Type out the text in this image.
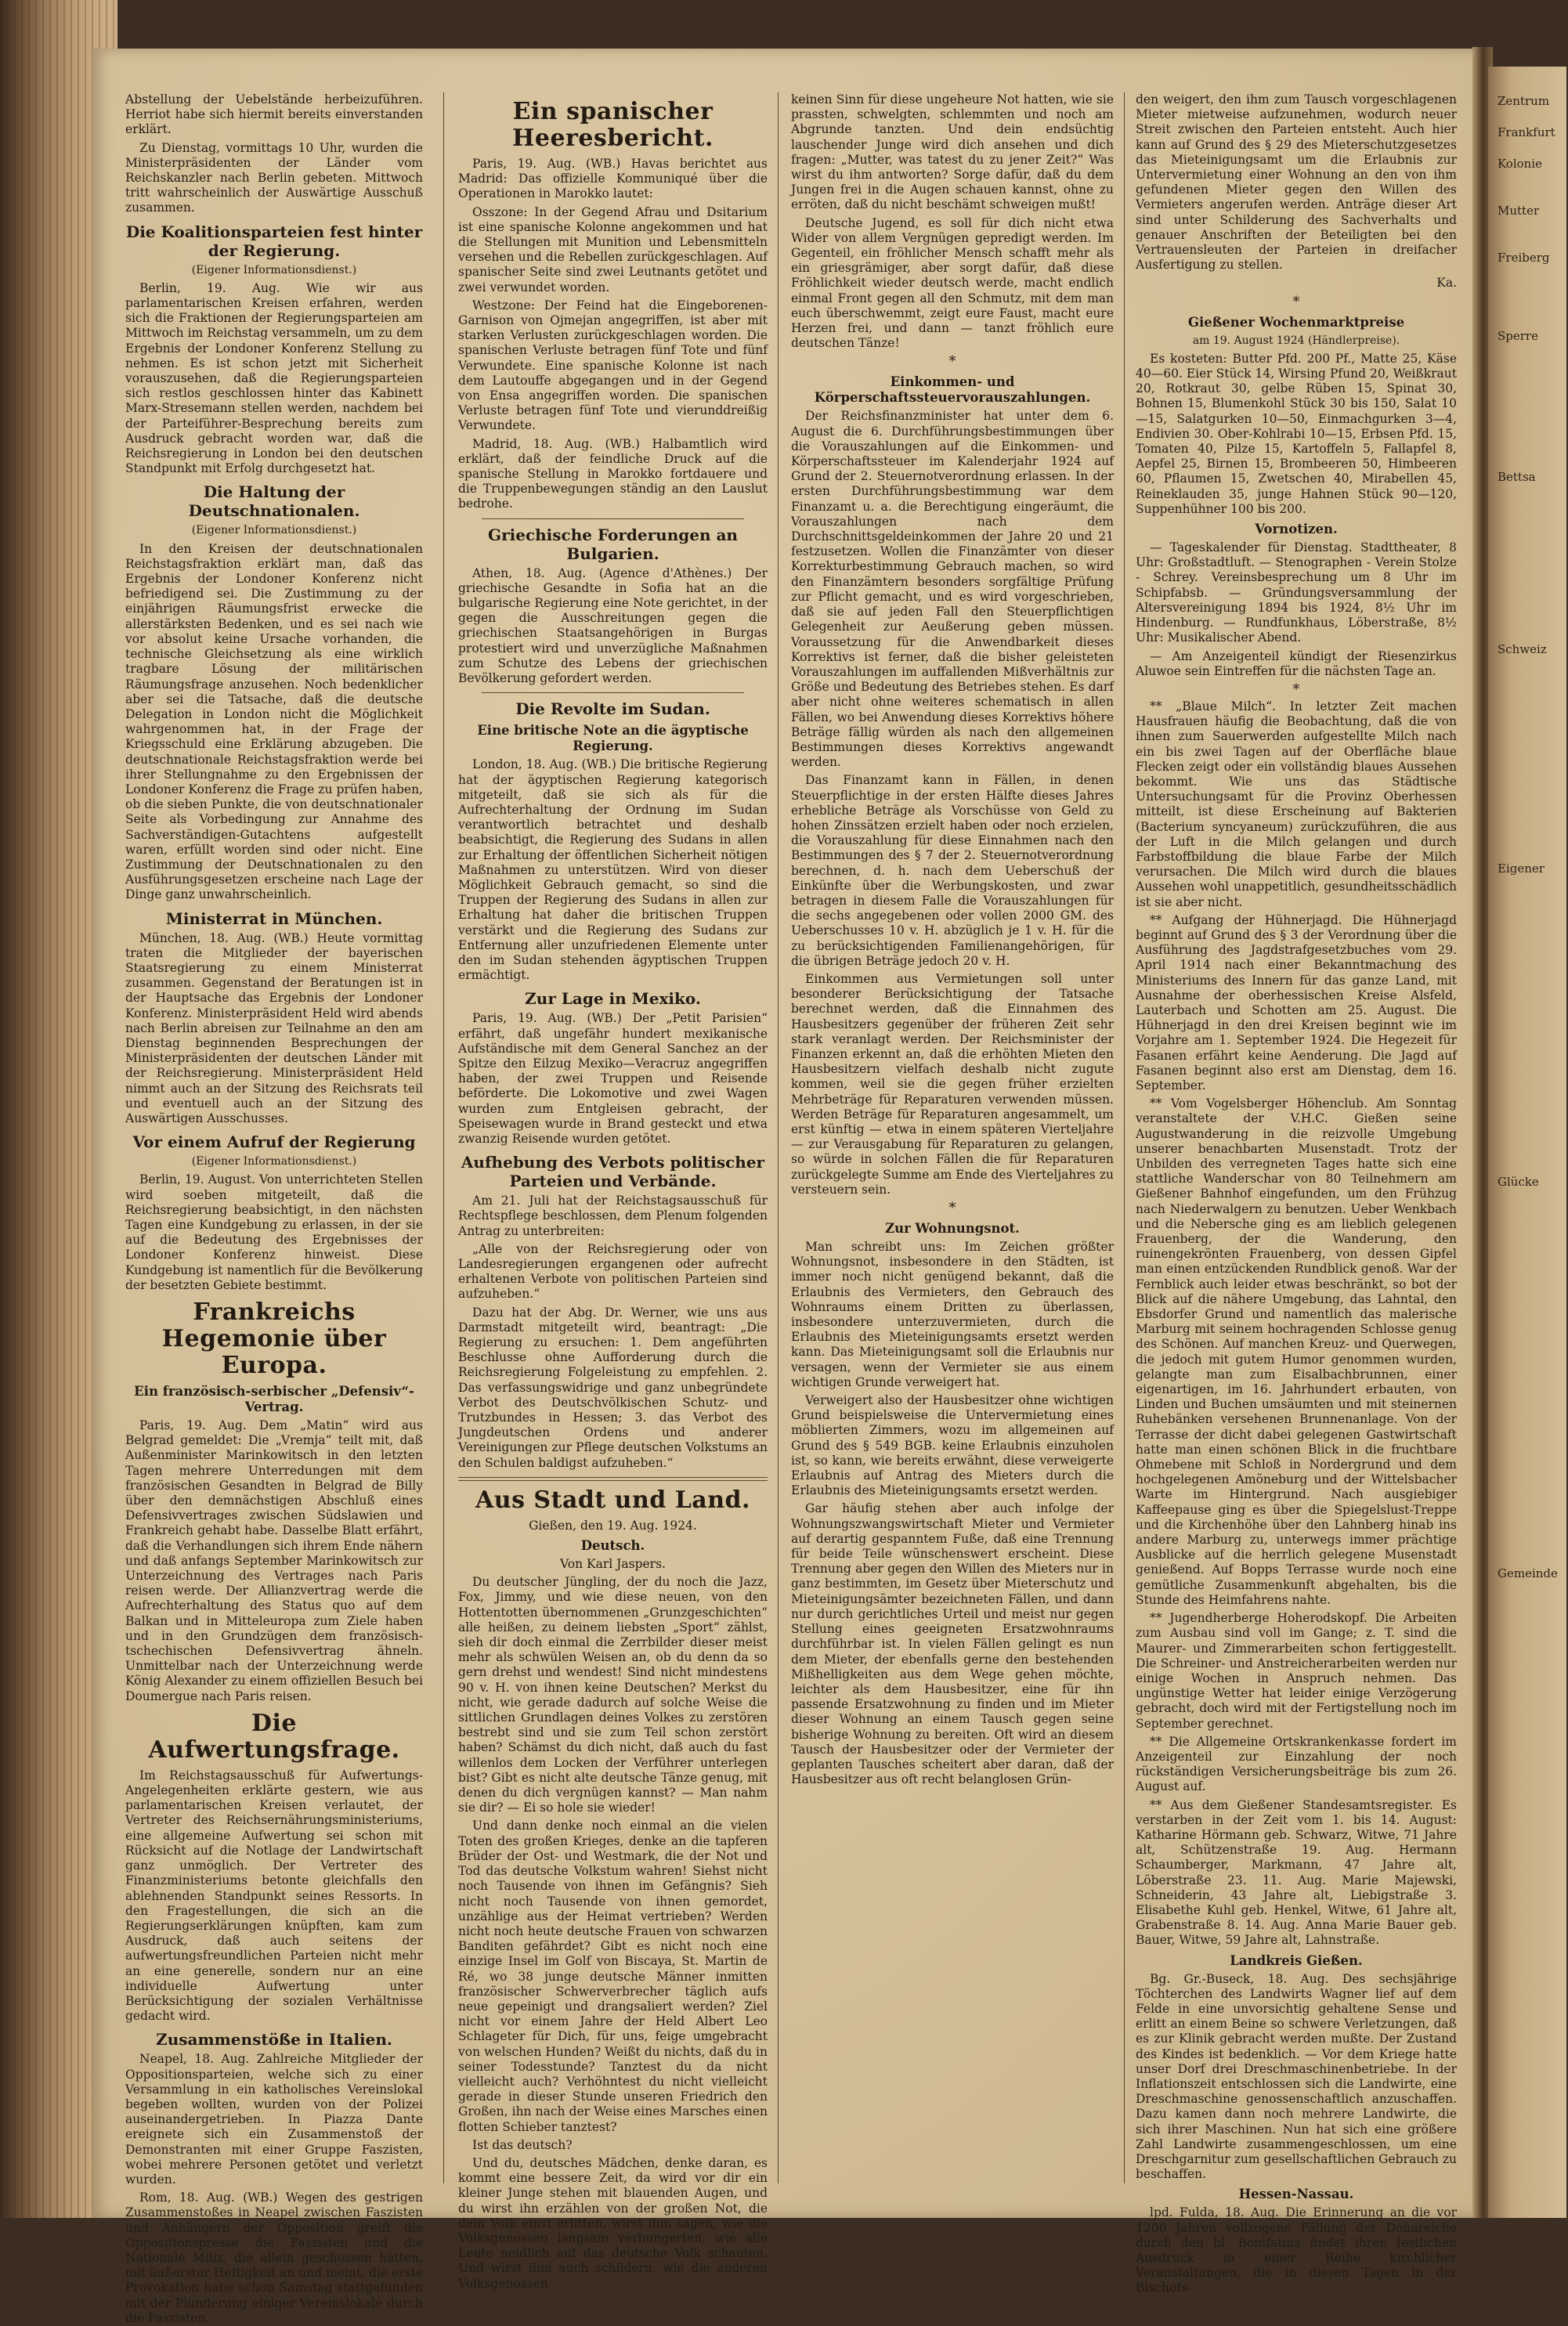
Abstellung der Uebelstände herbeizuführen. Herriot habe sich hiermit bereits einverstanden erklärt.

Zu Dienstag, vormittags 10 Uhr, wurden die Ministerpräsidenten der Länder vom Reichskanzler nach Berlin gebeten. Mittwoch tritt wahrscheinlich der Auswärtige Ausschuß zusammen.

Die Koalitionsparteien fest hinter der Regierung.
(Eigener Informationsdienst.)

Berlin, 19. Aug. Wie wir aus parlamentarischen Kreisen erfahren, werden sich die Fraktionen der Regierungsparteien am Mittwoch im Reichstag versammeln, um zu dem Ergebnis der Londoner Konferenz Stellung zu nehmen. Es ist schon jetzt mit Sicherheit vorauszusehen, daß die Regierungsparteien sich restlos geschlossen hinter das Kabinett Marx-Stresemann stellen werden, nachdem bei der Parteiführer-Besprechung bereits zum Ausdruck gebracht worden war, daß die Reichsregierung in London bei den deutschen Standpunkt mit Erfolg durchgesetzt hat.

Die Haltung der Deutschnationalen.
(Eigener Informationsdienst.)

In den Kreisen der deutschnationalen Reichstagsfraktion erklärt man, daß das Ergebnis der Londoner Konferenz nicht befriedigend sei. Die Zustimmung zu der einjährigen Räumungsfrist erwecke die allerstärksten Bedenken, und es sei nach wie vor absolut keine Ursache vorhanden, die technische Gleichsetzung als eine wirklich tragbare Lösung der militärischen Räumungsfrage anzusehen. Noch bedenklicher aber sei die Tatsache, daß die deutsche Delegation in London nicht die Möglichkeit wahrgenommen hat, in der Frage der Kriegsschuld eine Erklärung abzugeben. Die deutschnationale Reichstagsfraktion werde bei ihrer Stellungnahme zu den Ergebnissen der Londoner Konferenz die Frage zu prüfen haben, ob die sieben Punkte, die von deutschnationaler Seite als Vorbedingung zur Annahme des Sachverständigen-Gutachtens aufgestellt waren, erfüllt worden sind oder nicht. Eine Zustimmung der Deutschnationalen zu den Ausführungsgesetzen erscheine nach Lage der Dinge ganz unwahrscheinlich.

Ministerrat in München.

München, 18. Aug. (WB.) Heute vormittag traten die Mitglieder der bayerischen Staatsregierung zu einem Ministerrat zusammen. Gegenstand der Beratungen ist in der Hauptsache das Ergebnis der Londoner Konferenz. Ministerpräsident Held wird abends nach Berlin abreisen zur Teilnahme an den am Dienstag beginnenden Besprechungen der Ministerpräsidenten der deutschen Länder mit der Reichsregierung. Ministerpräsident Held nimmt auch an der Sitzung des Reichsrats teil und eventuell auch an der Sitzung des Auswärtigen Ausschusses.

Vor einem Aufruf der Regierung
(Eigener Informationsdienst.)

Berlin, 19. August. Von unterrichteten Stellen wird soeben mitgeteilt, daß die Reichsregierung beabsichtigt, in den nächsten Tagen eine Kundgebung zu erlassen, in der sie auf die Bedeutung des Ergebnisses der Londoner Konferenz hinweist. Diese Kundgebung ist namentlich für die Bevölkerung der besetzten Gebiete bestimmt.

Frankreichs Hegemonie über Europa.
Ein französisch-serbischer „Defensiv“-Vertrag.

Paris, 19. Aug. Dem „Matin“ wird aus Belgrad gemeldet: Die „Vremja“ teilt mit, daß Außenminister Marinkowitsch in den letzten Tagen mehrere Unterredungen mit dem französischen Gesandten in Belgrad de Billy über den demnächstigen Abschluß eines Defensivvertrages zwischen Südslawien und Frankreich gehabt habe. Dasselbe Blatt erfährt, daß die Verhandlungen sich ihrem Ende nähern und daß anfangs September Marinkowitsch zur Unterzeichnung des Vertrages nach Paris reisen werde. Der Allianzvertrag werde die Aufrechterhaltung des Status quo auf dem Balkan und in Mitteleuropa zum Ziele haben und in den Grundzügen dem französisch-tschechischen Defensivvertrag ähneln. Unmittelbar nach der Unterzeichnung werde König Alexander zu einem offiziellen Besuch bei Doumergue nach Paris reisen.

Die Aufwertungsfrage.

Im Reichstagsausschuß für Aufwertungs-Angelegenheiten erklärte gestern, wie aus parlamentarischen Kreisen verlautet, der Vertreter des Reichsernährungsministeriums, eine allgemeine Aufwertung sei schon mit Rücksicht auf die Notlage der Landwirtschaft ganz unmöglich. Der Vertreter des Finanzministeriums betonte gleichfalls den ablehnenden Standpunkt seines Ressorts. In den Fragestellungen, die sich an die Regierungserklärungen knüpften, kam zum Ausdruck, daß auch seitens der aufwertungsfreundlichen Parteien nicht mehr an eine generelle, sondern nur an eine individuelle Aufwertung unter Berücksichtigung der sozialen Verhältnisse gedacht wird.

Zusammenstöße in Italien.

Neapel, 18. Aug. Zahlreiche Mitglieder der Oppositionsparteien, welche sich zu einer Versammlung in ein katholisches Vereinslokal begeben wollten, wurden von der Polizei auseinandergetrieben. In Piazza Dante ereignete sich ein Zusammenstoß der Demonstranten mit einer Gruppe Faszisten, wobei mehrere Personen getötet und verletzt wurden.

Rom, 18. Aug. (WB.) Wegen des gestrigen Zusammenstoßes in Neapel zwischen Faszisten und Anhängern der Opposition greift die Oppositionspresse die Faszisten und die Nationale Miliz, die allein geschossen hätten, mit äußerster Heftigkeit an und meint, die erste Provokation habe schon Samstag stattgefunden mit der Plünderung einiger Vereinslokale durch die Faszisten.

Ein spanischer Heeresbericht.

Paris, 19. Aug. (WB.) Havas berichtet aus Madrid: Das offizielle Kommuniqué über die Operationen in Marokko lautet:

Osszone: In der Gegend Afrau und Dsitarium ist eine spanische Kolonne angekommen und hat die Stellungen mit Munition und Lebensmitteln versehen und die Rebellen zurückgeschlagen. Auf spanischer Seite sind zwei Leutnants getötet und zwei verwundet worden.

Westzone: Der Feind hat die Eingeborenen-Garnison von Ojmejan angegriffen, ist aber mit starken Verlusten zurückgeschlagen worden. Die spanischen Verluste betragen fünf Tote und fünf Verwundete. Eine spanische Kolonne ist nach dem Lautouffe abgegangen und in der Gegend von Ensa angegriffen worden. Die spanischen Verluste betragen fünf Tote und vierunddreißig Verwundete.

Madrid, 18. Aug. (WB.) Halbamtlich wird erklärt, daß der feindliche Druck auf die spanische Stellung in Marokko fortdauere und die Truppenbewegungen ständig an den Lauslut bedrohe.

Griechische Forderungen an Bulgarien.

Athen, 18. Aug. (Agence d'Athènes.) Der griechische Gesandte in Sofia hat an die bulgarische Regierung eine Note gerichtet, in der gegen die Ausschreitungen gegen die griechischen Staatsangehörigen in Burgas protestiert wird und unverzügliche Maßnahmen zum Schutze des Lebens der griechischen Bevölkerung gefordert werden.

Die Revolte im Sudan.
Eine britische Note an die ägyptische Regierung.

London, 18. Aug. (WB.) Die britische Regierung hat der ägyptischen Regierung kategorisch mitgeteilt, daß sie sich als für die Aufrechterhaltung der Ordnung im Sudan verantwortlich betrachtet und deshalb beabsichtigt, die Regierung des Sudans in allen zur Erhaltung der öffentlichen Sicherheit nötigen Maßnahmen zu unterstützen. Wird von dieser Möglichkeit Gebrauch gemacht, so sind die Truppen der Regierung des Sudans in allen zur Erhaltung hat daher die britischen Truppen verstärkt und die Regierung des Sudans zur Entfernung aller unzufriedenen Elemente unter den im Sudan stehenden ägyptischen Truppen ermächtigt.

Zur Lage in Mexiko.

Paris, 19. Aug. (WB.) Der „Petit Parisien“ erfährt, daß ungefähr hundert mexikanische Aufständische mit dem General Sanchez an der Spitze den Eilzug Mexiko—Veracruz angegriffen haben, der zwei Truppen und Reisende beförderte. Die Lokomotive und zwei Wagen wurden zum Entgleisen gebracht, der Speisewagen wurde in Brand gesteckt und etwa zwanzig Reisende wurden getötet.

Aufhebung des Verbots politischer Parteien und Verbände.

Am 21. Juli hat der Reichstagsausschuß für Rechtspflege beschlossen, dem Plenum folgenden Antrag zu unterbreiten:

„Alle von der Reichsregierung oder von Landesregierungen ergangenen oder aufrecht erhaltenen Verbote von politischen Parteien sind aufzuheben.“

Dazu hat der Abg. Dr. Werner, wie uns aus Darmstadt mitgeteilt wird, beantragt: „Die Regierung zu ersuchen: 1. Dem angeführten Beschlusse ohne Aufforderung durch die Reichsregierung Folgeleistung zu empfehlen. 2. Das verfassungswidrige und ganz unbegründete Verbot des Deutschvölkischen Schutz- und Trutzbundes in Hessen; 3. das Verbot des Jungdeutschen Ordens und anderer Vereinigungen zur Pflege deutschen Volkstums an den Schulen baldigst aufzuheben.“

Aus Stadt und Land.

Gießen, den 19. Aug. 1924.

Deutsch.

Von Karl Jaspers.

Du deutscher Jüngling, der du noch die Jazz, Fox, Jimmy, und wie diese neuen, von den Hottentotten übernommenen „Grunzgeschichten“ alle heißen, zu deinem liebsten „Sport“ zählst, sieh dir doch einmal die Zerrbilder dieser meist mehr als schwülen Weisen an, ob du denn da so gern drehst und wendest! Sind nicht mindestens 90 v. H. von ihnen keine Deutschen? Merkst du nicht, wie gerade dadurch auf solche Weise die sittlichen Grundlagen deines Volkes zu zerstören bestrebt sind und sie zum Teil schon zerstört haben? Schämst du dich nicht, daß auch du fast willenlos dem Locken der Verführer unterlegen bist? Gibt es nicht alte deutsche Tänze genug, mit denen du dich vergnügen kannst? — Man nahm sie dir? — Ei so hole sie wieder!

Und dann denke noch einmal an die vielen Toten des großen Krieges, denke an die tapferen Brüder der Ost- und Westmark, die der Not und Tod das deutsche Volkstum wahren! Siehst nicht noch Tausende von ihnen im Gefängnis? Sieh nicht noch Tausende von ihnen gemordet, unzählige aus der Heimat vertrieben? Werden nicht noch heute deutsche Frauen von schwarzen Banditen gefährdet? Gibt es nicht noch eine einzige Insel im Golf von Biscaya, St. Martin de Ré, wo 38 junge deutsche Männer inmitten französischer Schwerverbrecher täglich aufs neue gepeinigt und drangsaliert werden? Ziel nicht vor einem Jahre der Held Albert Leo Schlageter für Dich, für uns, feige umgebracht von welschen Hunden? Weißt du nichts, daß du in seiner Todesstunde? Tanztest du da nicht vielleicht auch? Verhöhntest du nicht vielleicht gerade in dieser Stunde unseren Friedrich den Großen, ihn nach der Weise eines Marsches einen flotten Schieber tanztest?

Ist das deutsch?

Und du, deutsches Mädchen, denke daran, es kommt eine bessere Zeit, da wird vor dir ein kleiner Junge stehen mit blauenden Augen, und du wirst ihn erzählen von der großen Not, die dein Volk einst erlitten, wirst ihm sagen, wie die Volksgenossen langsam verhungerten, wie alle Leute neidlich auf das deutsche Volk schauten. Und wirst ihm auch schildern, wie die anderen Volksgenossen

keinen Sinn für diese ungeheure Not hatten, wie sie prassten, schwelgten, schlemmten und noch am Abgrunde tanzten. Und dein endsüchtig lauschender Junge wird dich ansehen und dich fragen: „Mutter, was tatest du zu jener Zeit?“ Was wirst du ihm antworten? Sorge dafür, daß du dem Jungen frei in die Augen schauen kannst, ohne zu erröten, daß du nicht beschämt schweigen mußt!

Deutsche Jugend, es soll für dich nicht etwa Wider von allem Vergnügen gepredigt werden. Im Gegenteil, ein fröhlicher Mensch schafft mehr als ein griesgrämiger, aber sorgt dafür, daß diese Fröhlichkeit wieder deutsch werde, macht endlich einmal Front gegen all den Schmutz, mit dem man euch überschwemmt, zeigt eure Faust, macht eure Herzen frei, und dann — tanzt fröhlich eure deutschen Tänze!

*
Einkommen- und Körperschaftssteuervorauszahlungen.

Der Reichsfinanzminister hat unter dem 6. August die 6. Durchführungsbestimmungen über die Vorauszahlungen auf die Einkommen- und Körperschaftssteuer im Kalenderjahr 1924 auf Grund der 2. Steuernotverordnung erlassen. In der ersten Durchführungsbestimmung war dem Finanzamt u. a. die Berechtigung eingeräumt, die Vorauszahlungen nach dem Durchschnittsgeldeinkommen der Jahre 20 und 21 festzusetzen. Wollen die Finanzämter von dieser Korrekturbestimmung Gebrauch machen, so wird den Finanzämtern besonders sorgfältige Prüfung zur Pflicht gemacht, und es wird vorgeschrieben, daß sie auf jeden Fall den Steuerpflichtigen Gelegenheit zur Aeußerung geben müssen. Voraussetzung für die Anwendbarkeit dieses Korrektivs ist ferner, daß die bisher geleisteten Vorauszahlungen im auffallenden Mißverhältnis zur Größe und Bedeutung des Betriebes stehen. Es darf aber nicht ohne weiteres schematisch in allen Fällen, wo bei Anwendung dieses Korrektivs höhere Beträge fällig würden als nach den allgemeinen Bestimmungen dieses Korrektivs angewandt werden.

Das Finanzamt kann in Fällen, in denen Steuerpflichtige in der ersten Hälfte dieses Jahres erhebliche Beträge als Vorschüsse von Geld zu hohen Zinssätzen erzielt haben oder noch erzielen, die Vorauszahlung für diese Einnahmen nach den Bestimmungen des § 7 der 2. Steuernotverordnung berechnen, d. h. nach dem Ueberschuß der Einkünfte über die Werbungskosten, und zwar betragen in diesem Falle die Vorauszahlungen für die sechs angegebenen oder vollen 2000 GM. des Ueberschusses 10 v. H. abzüglich je 1 v. H. für die zu berücksichtigenden Familienangehörigen, für die übrigen Beträge jedoch 20 v. H.

Einkommen aus Vermietungen soll unter besonderer Berücksichtigung der Tatsache berechnet werden, daß die Einnahmen des Hausbesitzers gegenüber der früheren Zeit sehr stark veranlagt werden. Der Reichsminister der Finanzen erkennt an, daß die erhöhten Mieten den Hausbesitzern vielfach deshalb nicht zugute kommen, weil sie die gegen früher erzielten Mehrbeträge für Reparaturen verwenden müssen. Werden Beträge für Reparaturen angesammelt, um erst künftig — etwa in einem späteren Vierteljahre — zur Verausgabung für Reparaturen zu gelangen, so würde in solchen Fällen die für Reparaturen zurückgelegte Summe am Ende des Vierteljahres zu versteuern sein.

*
Zur Wohnungsnot.

Man schreibt uns: Im Zeichen größter Wohnungsnot, insbesondere in den Städten, ist immer noch nicht genügend bekannt, daß die Erlaubnis des Vermieters, den Gebrauch des Wohnraums einem Dritten zu überlassen, insbesondere unterzuvermieten, durch die Erlaubnis des Mieteinigungsamts ersetzt werden kann. Das Mieteinigungsamt soll die Erlaubnis nur versagen, wenn der Vermieter sie aus einem wichtigen Grunde verweigert hat.

Verweigert also der Hausbesitzer ohne wichtigen Grund beispielsweise die Untervermietung eines möblierten Zimmers, wozu im allgemeinen auf Grund des § 549 BGB. keine Erlaubnis einzuholen ist, so kann, wie bereits erwähnt, diese verweigerte Erlaubnis auf Antrag des Mieters durch die Erlaubnis des Mieteinigungsamts ersetzt werden.

Gar häufig stehen aber auch infolge der Wohnungszwangswirtschaft Mieter und Vermieter auf derartig gespanntem Fuße, daß eine Trennung für beide Teile wünschenswert erscheint. Diese Trennung aber gegen den Willen des Mieters nur in ganz bestimmten, im Gesetz über Mieterschutz und Mieteinigungsämter bezeichneten Fällen, und dann nur durch gerichtliches Urteil und meist nur gegen Stellung eines geeigneten Ersatzwohnraums durchführbar ist. In vielen Fällen gelingt es nun dem Mieter, der ebenfalls gerne den bestehenden Mißhelligkeiten aus dem Wege gehen möchte, leichter als dem Hausbesitzer, eine für ihn passende Ersatzwohnung zu finden und im Mieter dieser Wohnung an einem Tausch gegen seine bisherige Wohnung zu bereiten. Oft wird an diesem Tausch der Hausbesitzer oder der Vermieter der geplanten Tausches scheitert aber daran, daß der Hausbesitzer aus oft recht belanglosen Grün-

den weigert, den ihm zum Tausch vorgeschlagenen Mieter mietweise aufzunehmen, wodurch neuer Streit zwischen den Parteien entsteht. Auch hier kann auf Grund des § 29 des Mieterschutzgesetzes das Mieteinigungsamt um die Erlaubnis zur Untervermietung einer Wohnung an den von ihm gefundenen Mieter gegen den Willen des Vermieters angerufen werden. Anträge dieser Art sind unter Schilderung des Sachverhalts und genauer Anschriften der Beteiligten bei den Vertrauensleuten der Parteien in dreifacher Ausfertigung zu stellen.

Ka.

*
Gießener Wochenmarktpreise
am 19. August 1924 (Händlerpreise).

Es kosteten: Butter Pfd. 200 Pf., Matte 25, Käse 40—60. Eier Stück 14, Wirsing Pfund 20, Weißkraut 20, Rotkraut 30, gelbe Rüben 15, Spinat 30, Bohnen 15, Blumenkohl Stück 30 bis 150, Salat 10—15, Salatgurken 10—50, Einmachgurken 3—4, Endivien 30. Ober-Kohlrabi 10—15, Erbsen Pfd. 15, Tomaten 40, Pilze 15, Kartoffeln 5, Fallapfel 8, Aepfel 25, Birnen 15, Brombeeren 50, Himbeeren 60, Pflaumen 15, Zwetschen 40, Mirabellen 45, Reineklauden 35, junge Hahnen Stück 90—120, Suppenhühner 100 bis 200.

Vornotizen.

— Tageskalender für Dienstag. Stadttheater, 8 Uhr: Großstadtluft. — Stenographen - Verein Stolze - Schrey. Vereinsbesprechung um 8 Uhr im Schipfabsb. — Gründungsversammlung der Altersvereinigung 1894 bis 1924, 8½ Uhr im Hindenburg. — Rundfunkhaus, Löberstraße, 8½ Uhr: Musikalischer Abend.

— Am Anzeigenteil kündigt der Riesenzirkus Aluwoe sein Eintreffen für die nächsten Tage an.

*

** „Blaue Milch“. In letzter Zeit machen Hausfrauen häufig die Beobachtung, daß die von ihnen zum Sauerwerden aufgestellte Milch nach ein bis zwei Tagen auf der Oberfläche blaue Flecken zeigt oder ein vollständig blaues Aussehen bekommt. Wie uns das Städtische Untersuchungsamt für die Provinz Oberhessen mitteilt, ist diese Erscheinung auf Bakterien (Bacterium syncyaneum) zurückzuführen, die aus der Luft in die Milch gelangen und durch Farbstoffbildung die blaue Farbe der Milch verursachen. Die Milch wird durch die blaues Aussehen wohl unappetitlich, gesundheitsschädlich ist sie aber nicht.

** Aufgang der Hühnerjagd. Die Hühnerjagd beginnt auf Grund des § 3 der Verordnung über die Ausführung des Jagdstrafgesetzbuches vom 29. April 1914 nach einer Bekanntmachung des Ministeriums des Innern für das ganze Land, mit Ausnahme der oberhessischen Kreise Alsfeld, Lauterbach und Schotten am 25. August. Die Hühnerjagd in den drei Kreisen beginnt wie im Vorjahre am 1. September 1924. Die Hegezeit für Fasanen erfährt keine Aenderung. Die Jagd auf Fasanen beginnt also erst am Dienstag, dem 16. September.

** Vom Vogelsberger Höhenclub. Am Sonntag veranstaltete der V.H.C. Gießen seine Augustwanderung in die reizvolle Umgebung unserer benachbarten Musenstadt. Trotz der Unbilden des verregneten Tages hatte sich eine stattliche Wanderschar von 80 Teilnehmern am Gießener Bahnhof eingefunden, um den Frühzug nach Niederwalgern zu benutzen. Ueber Wenkbach und die Nebersche ging es am lieblich gelegenen Frauenberg, der die Wanderung, den ruinengekrönten Frauenberg, von dessen Gipfel man einen entzückenden Rundblick genoß. War der Fernblick auch leider etwas beschränkt, so bot der Blick auf die nähere Umgebung, das Lahntal, den Ebsdorfer Grund und namentlich das malerische Marburg mit seinem hochragenden Schlosse genug des Schönen. Auf manchen Kreuz- und Querwegen, die jedoch mit gutem Humor genommen wurden, gelangte man zum Eisalbachbrunnen, einer eigenartigen, im 16. Jahrhundert erbauten, von Linden und Buchen umsäumten und mit steinernen Ruhebänken versehenen Brunnenanlage. Von der Terrasse der dicht dabei gelegenen Gastwirtschaft hatte man einen schönen Blick in die fruchtbare Ohmebene mit Schloß in Nordergrund und dem hochgelegenen Amöneburg und der Wittelsbacher Warte im Hintergrund. Nach ausgiebiger Kaffeepause ging es über die Spiegelslust-Treppe und die Kirchenhöhe über den Lahnberg hinab ins andere Marburg zu, unterwegs immer prächtige Ausblicke auf die herrlich gelegene Musenstadt genießend. Auf Bopps Terrasse wurde noch eine gemütliche Zusammenkunft abgehalten, bis die Stunde des Heimfahrens nahte.

** Jugendherberge Hoherodskopf. Die Arbeiten zum Ausbau sind voll im Gange; z. T. sind die Maurer- und Zimmerarbeiten schon fertiggestellt. Die Schreiner- und Anstreicherarbeiten werden nur einige Wochen in Anspruch nehmen. Das ungünstige Wetter hat leider einige Verzögerung gebracht, doch wird mit der Fertigstellung noch im September gerechnet.

** Die Allgemeine Ortskrankenkasse fordert im Anzeigenteil zur Einzahlung der noch rückständigen Versicherungsbeiträge bis zum 26. August auf.

** Aus dem Gießener Standesamtsregister. Es verstarben in der Zeit vom 1. bis 14. August: Katharine Hörmann geb. Schwarz, Witwe, 71 Jahre alt, Schützenstraße 19. Aug. Hermann Schaumberger, Markmann, 47 Jahre alt, Löberstraße 23. 11. Aug. Marie Majewski, Schneiderin, 43 Jahre alt, Liebigstraße 3. Elisabethe Kuhl geb. Henkel, Witwe, 61 Jahre alt, Grabenstraße 8. 14. Aug. Anna Marie Bauer geb. Bauer, Witwe, 59 Jahre alt, Lahnstraße.

Landkreis Gießen.

Bg. Gr.-Buseck, 18. Aug. Des sechsjährige Töchterchen des Landwirts Wagner lief auf dem Felde in eine unvorsichtig gehaltene Sense und erlitt an einem Beine so schwere Verletzungen, daß es zur Klinik gebracht werden mußte. Der Zustand des Kindes ist bedenklich. — Vor dem Kriege hatte unser Dorf drei Dreschmaschinenbetriebe. In der Inflationszeit entschlossen sich die Landwirte, eine Dreschmaschine genossenschaftlich anzuschaffen. Dazu kamen dann noch mehrere Landwirte, die sich ihrer Maschinen. Nun hat sich eine größere Zahl Landwirte zusammengeschlossen, um eine Dreschgarnitur zum gesellschaftlichen Gebrauch zu beschaffen.

Hessen-Nassau.

lpd. Fulda, 18. Aug. Die Erinnerung an die vor 1200 Jahren vollzogene Fällung der Donareiche durch den hl. Bonifatius findet ihren festlichen Ausdruck in einer Reihe kirchlicher Veranstaltungen, die in diesen Tagen in der Bischofs-

Zentrum
Frankfurt
Kolonie
Mutter
Freiberg
Sperre
Bettsa
Schweiz
Eigener
Glücke
Gemeinde
